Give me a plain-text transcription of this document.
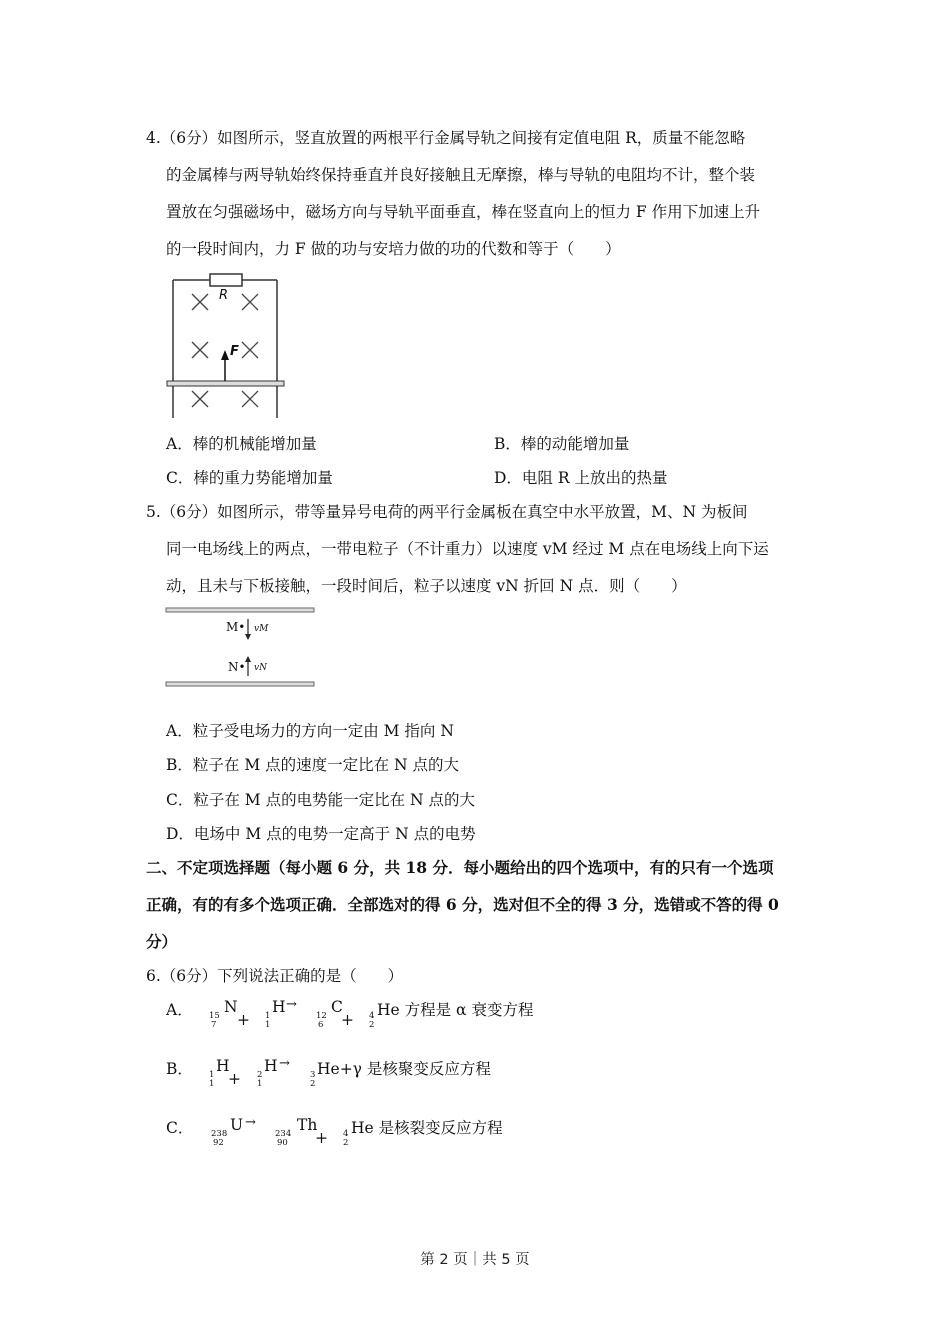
4.（6分）如图所示，竖直放置的两根平行金属导轨之间接有定值电阻 R，质量不能忽略
的金属棒与两导轨始终保持垂直并良好接触且无摩擦，棒与导轨的电阻均不计，整个装
置放在匀强磁场中，磁场方向与导轨平面垂直，棒在竖直向上的恒力 F 作用下加速上升
的一段时间内，力 F 做的功与安培力做的功的代数和等于（　　）
R
F
A．棒的机械能增加量	B．棒的动能增加量
C．棒的重力势能增加量	D．电阻 R 上放出的热量
5.（6分）如图所示，带等量异号电荷的两平行金属板在真空中水平放置，M、N 为板间
同一电场线上的两点，一带电粒子（不计重力）以速度 vM 经过 M 点在电场线上向下运
动，且未与下板接触，一段时间后，粒子以速度 vN 折回 N 点．则（　　）
M• vM
N• vN
A．粒子受电场力的方向一定由 M 指向 N
B．粒子在 M 点的速度一定比在 N 点的大
C．粒子在 M 点的电势能一定比在 N 点的大
D．电场中 M 点的电势一定高于 N 点的电势
二、不定项选择题（每小题 6 分，共 18 分．每小题给出的四个选项中，有的只有一个选项
正确，有的有多个选项正确．全部选对的得 6 分，选对但不全的得 3 分，选错或不答的得 0
分）
6.（6分）下列说法正确的是（　　）
A． N
15
7 +
H →
1
1
C
12
6 + 4
2
He 方程是 α 衰变方程
B． H
1
1 +
H →
2
1
3
2
He+γ 是核聚变反应方程
C． U →
238
92
Th
234
90 + 4
2
He 是核裂变反应方程
第 2 页｜共 5 页
